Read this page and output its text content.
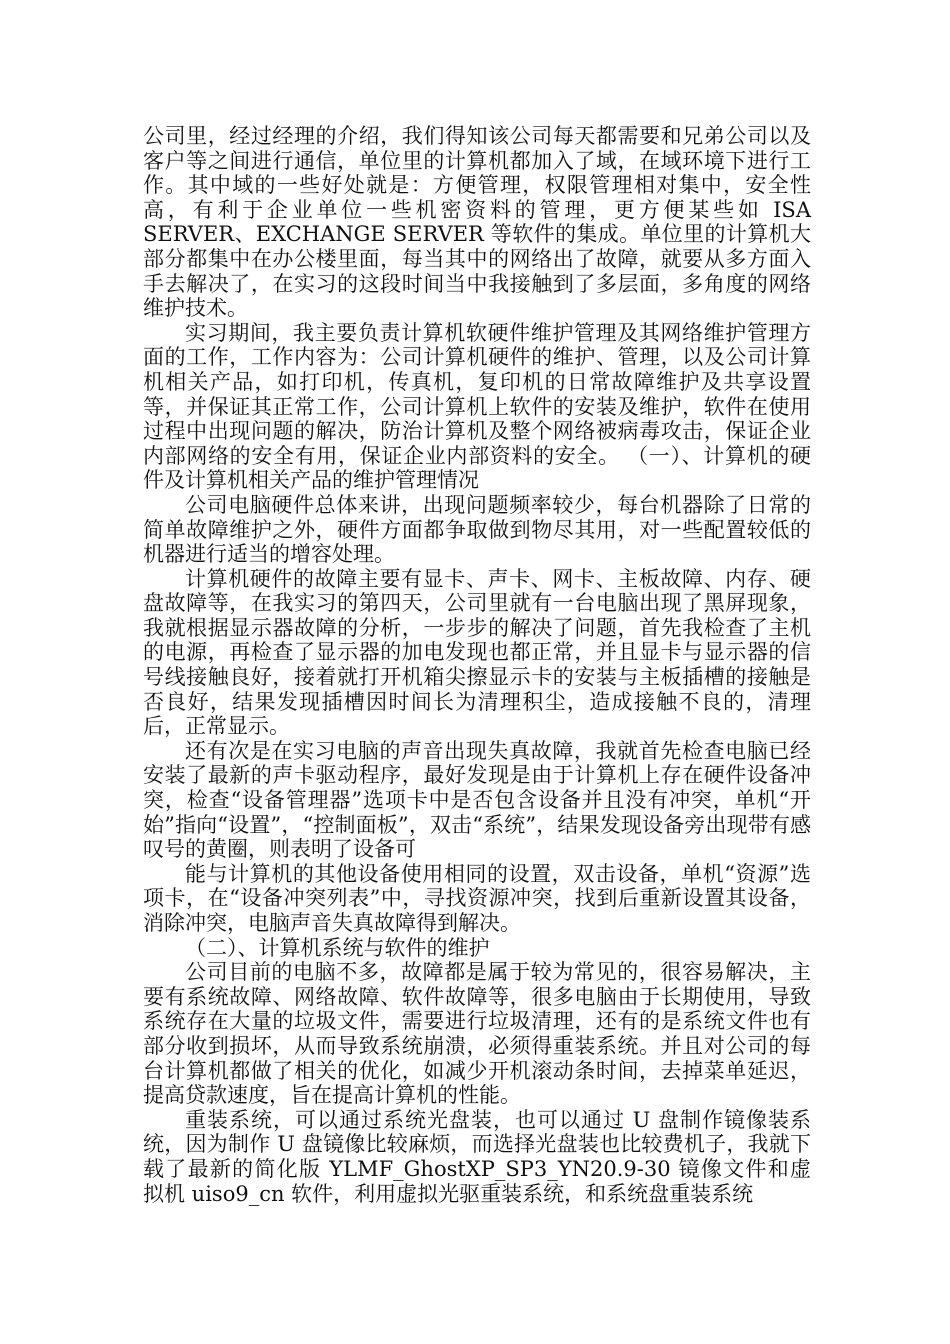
公司里，经过经理的介绍，我们得知该公司每天都需要和兄弟公司以及客户等之间进行通信，单位里的计算机都加入了域，在域环境下进行工作。其中域的一些好处就是：方便管理，权限管理相对集中，安全性高，有利于企业单位一些机密资料的管理，更方便某些如 ISA SERVER、EXCHANGE SERVER 等软件的集成。单位里的计算机大部分都集中在办公楼里面，每当其中的网络出了故障，就要从多方面入手去解决了，在实习的这段时间当中我接触到了多层面，多角度的网络维护技术。

实习期间，我主要负责计算机软硬件维护管理及其网络维护管理方面的工作，工作内容为：公司计算机硬件的维护、管理，以及公司计算机相关产品，如打印机，传真机，复印机的日常故障维护及共享设置等，并保证其正常工作，公司计算机上软件的安装及维护，软件在使用过程中出现问题的解决，防治计算机及整个网络被病毒攻击，保证企业内部网络的安全有用，保证企业内部资料的安全。 （一）、计算机的硬件及计算机相关产品的维护管理情况

公司电脑硬件总体来讲，出现问题频率较少，每台机器除了日常的简单故障维护之外，硬件方面都争取做到物尽其用，对一些配置较低的机器进行适当的增容处理。

计算机硬件的故障主要有显卡、声卡、网卡、主板故障、内存、硬盘故障等，在我实习的第四天，公司里就有一台电脑出现了黑屏现象，我就根据显示器故障的分析，一步步的解决了问题，首先我检查了主机的电源，再检查了显示器的加电发现也都正常，并且显卡与显示器的信号线接触良好，接着就打开机箱尖擦显示卡的安装与主板插槽的接触是否良好，结果发现插槽因时间长为清理积尘，造成接触不良的，清理后，正常显示。

还有次是在实习电脑的声音出现失真故障，我就首先检查电脑已经安装了最新的声卡驱动程序，最好发现是由于计算机上存在硬件设备冲突，检查“设备管理器”选项卡中是否包含设备并且没有冲突，单机“开始”指向“设置”，“控制面板”，双击“系统”，结果发现设备旁出现带有感叹号的黄圈，则表明了设备可

能与计算机的其他设备使用相同的设置，双击设备，单机“资源”选项卡，在“设备冲突列表”中，寻找资源冲突，找到后重新设置其设备，消除冲突，电脑声音失真故障得到解决。

（二）、计算机系统与软件的维护

公司目前的电脑不多，故障都是属于较为常见的，很容易解决，主要有系统故障、网络故障、软件故障等，很多电脑由于长期使用，导致系统存在大量的垃圾文件，需要进行垃圾清理，还有的是系统文件也有部分收到损坏，从而导致系统崩溃，必须得重装系统。并且对公司的每台计算机都做了相关的优化，如减少开机滚动条时间，去掉菜单延迟，提高贷款速度，旨在提高计算机的性能。

重装系统，可以通过系统光盘装，也可以通过 U 盘制作镜像装系统，因为制作 U 盘镜像比较麻烦，而选择光盘装也比较费机子，我就下载了最新的简化版 YLMF_GhostXP_SP3_YN20.9-30 镜像文件和虚拟机 uiso9_cn 软件，利用虚拟光驱重装系统，和系统盘重装系统
